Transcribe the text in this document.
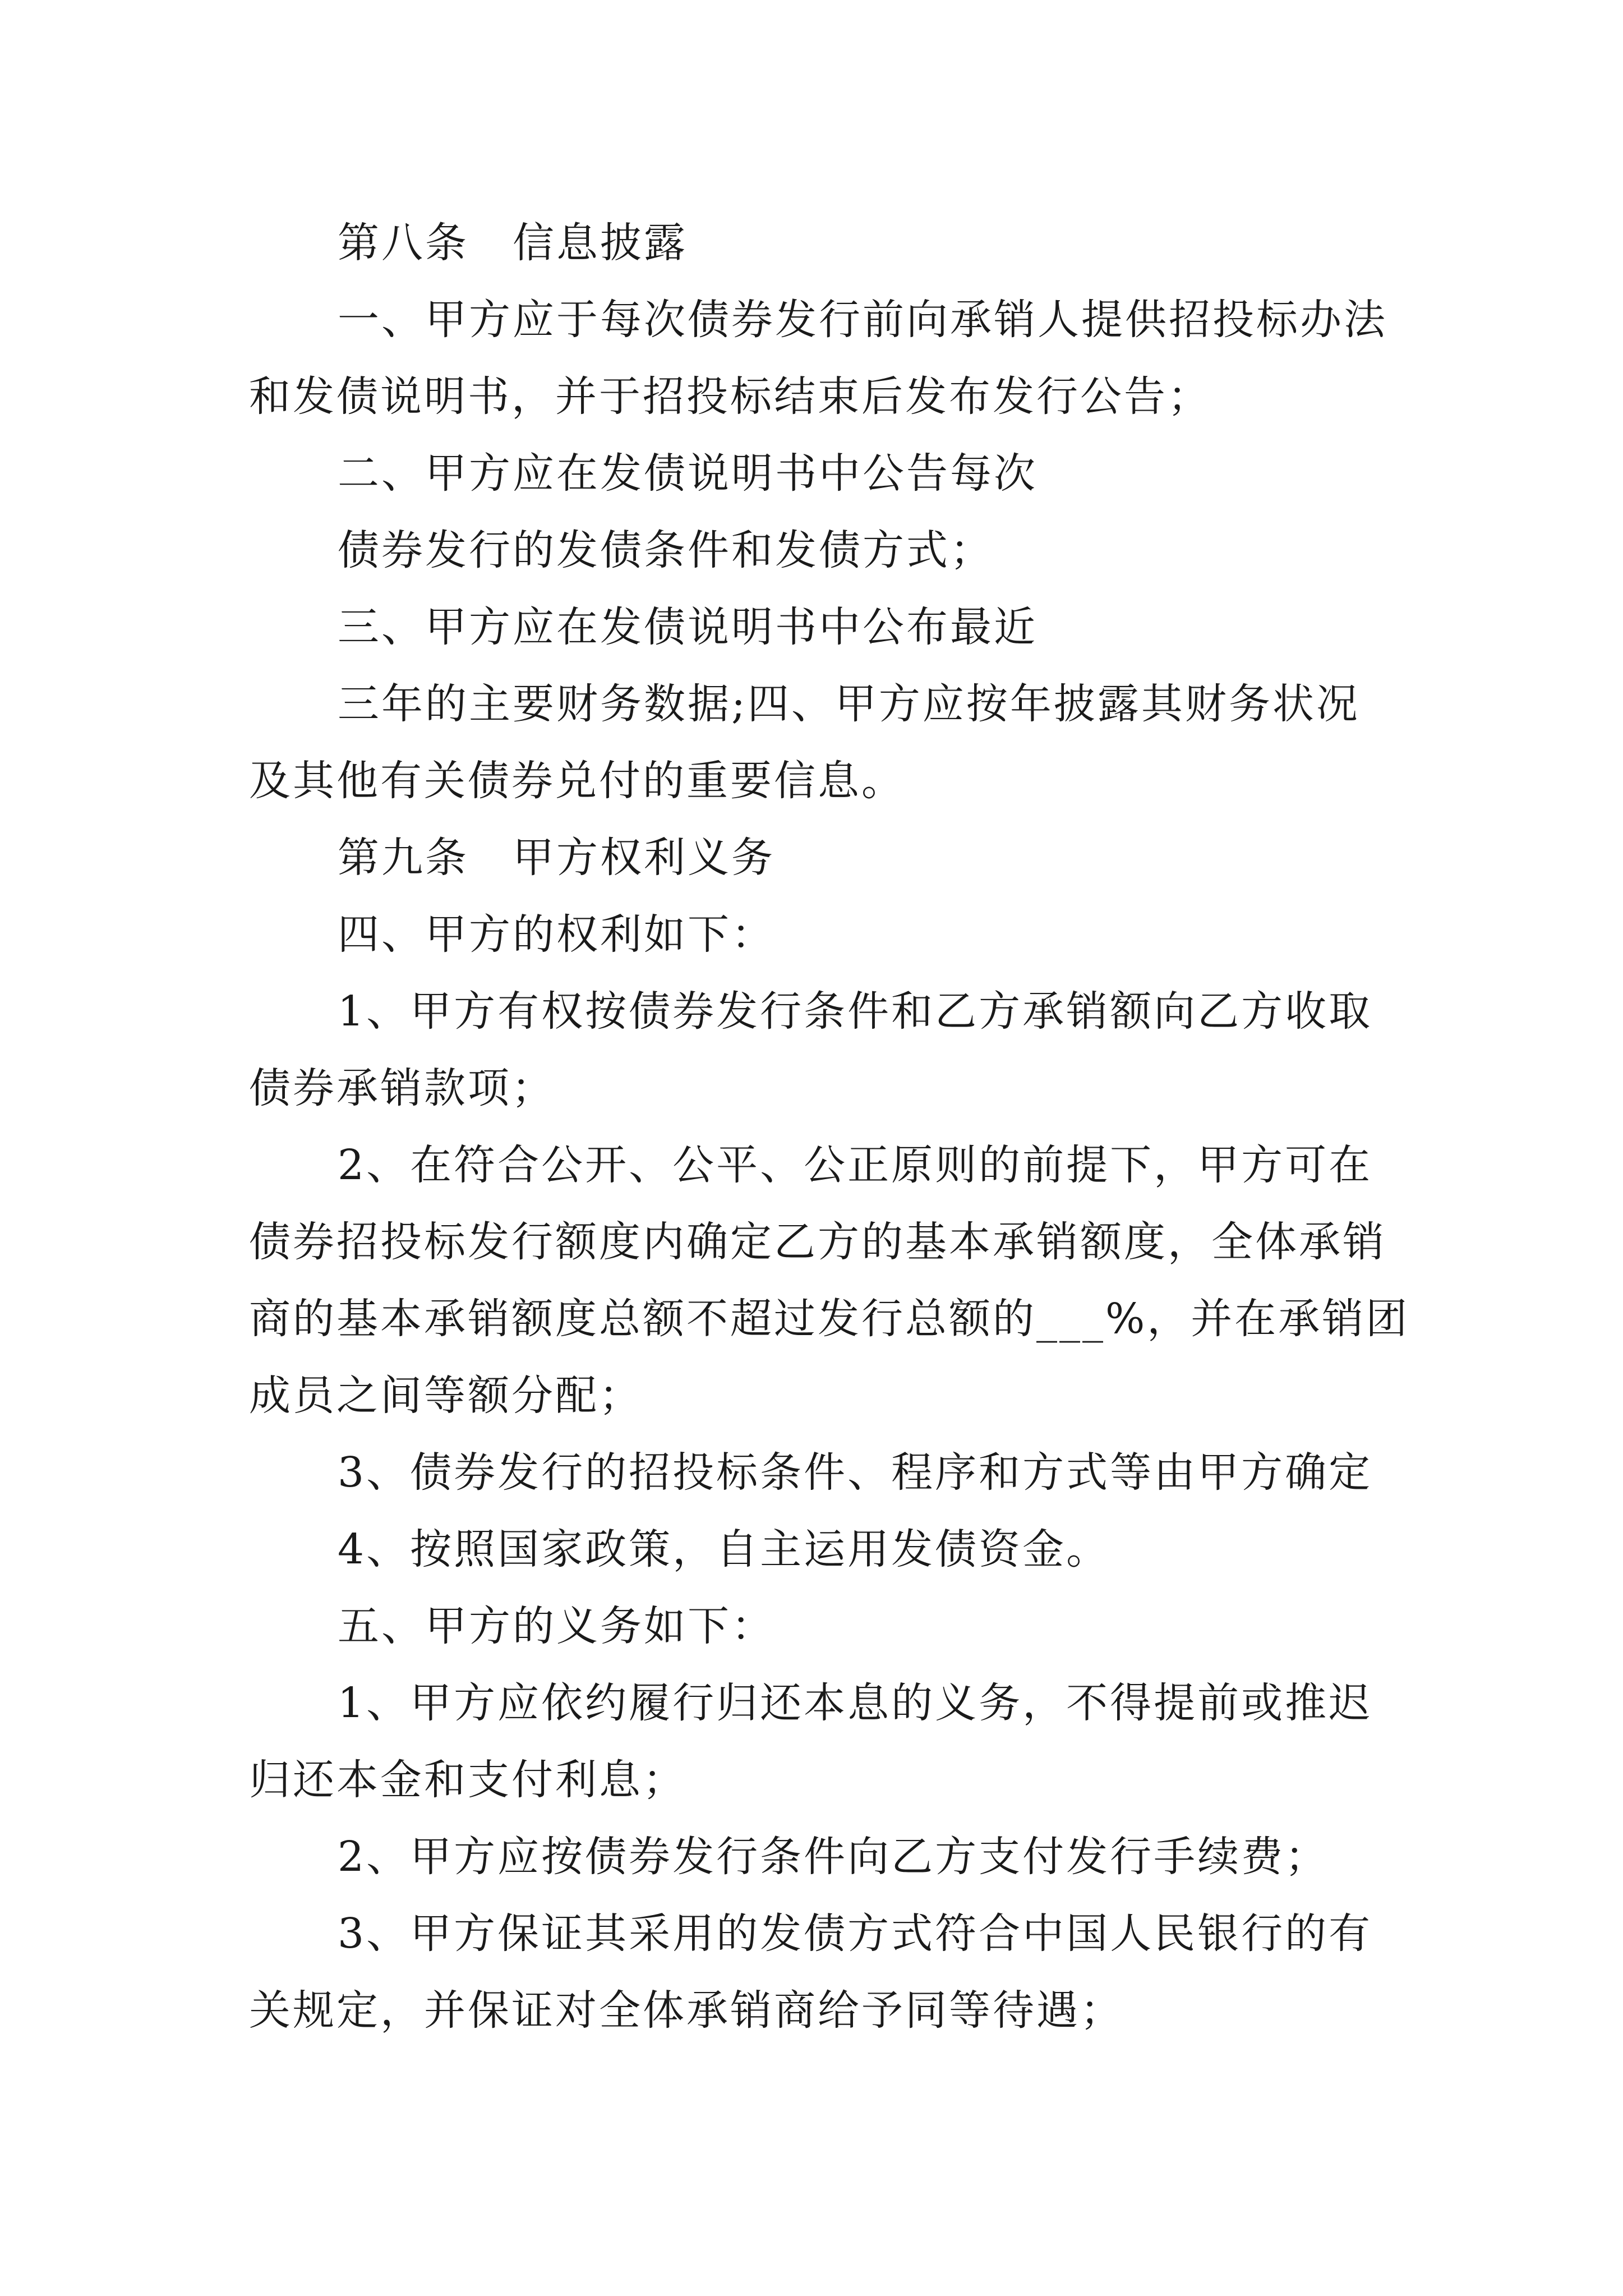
第八条　信息披露
一、甲方应于每次债券发行前向承销人提供招投标办法
和发债说明书，并于招投标结束后发布发行公告；
二、甲方应在发债说明书中公告每次
债券发行的发债条件和发债方式；
三、甲方应在发债说明书中公布最近
三年的主要财务数据;四、甲方应按年披露其财务状况
及其他有关债券兑付的重要信息。
第九条　甲方权利义务
四、甲方的权利如下：
1、甲方有权按债券发行条件和乙方承销额向乙方收取
债券承销款项；
2、在符合公开、公平、公正原则的前提下，甲方可在
债券招投标发行额度内确定乙方的基本承销额度，全体承销
商的基本承销额度总额不超过发行总额的___%，并在承销团
成员之间等额分配；
3、债券发行的招投标条件、程序和方式等由甲方确定
4、按照国家政策，自主运用发债资金。
五、甲方的义务如下：
1、甲方应依约履行归还本息的义务，不得提前或推迟
归还本金和支付利息；
2、甲方应按债券发行条件向乙方支付发行手续费；
3、甲方保证其采用的发债方式符合中国人民银行的有
关规定，并保证对全体承销商给予同等待遇；
